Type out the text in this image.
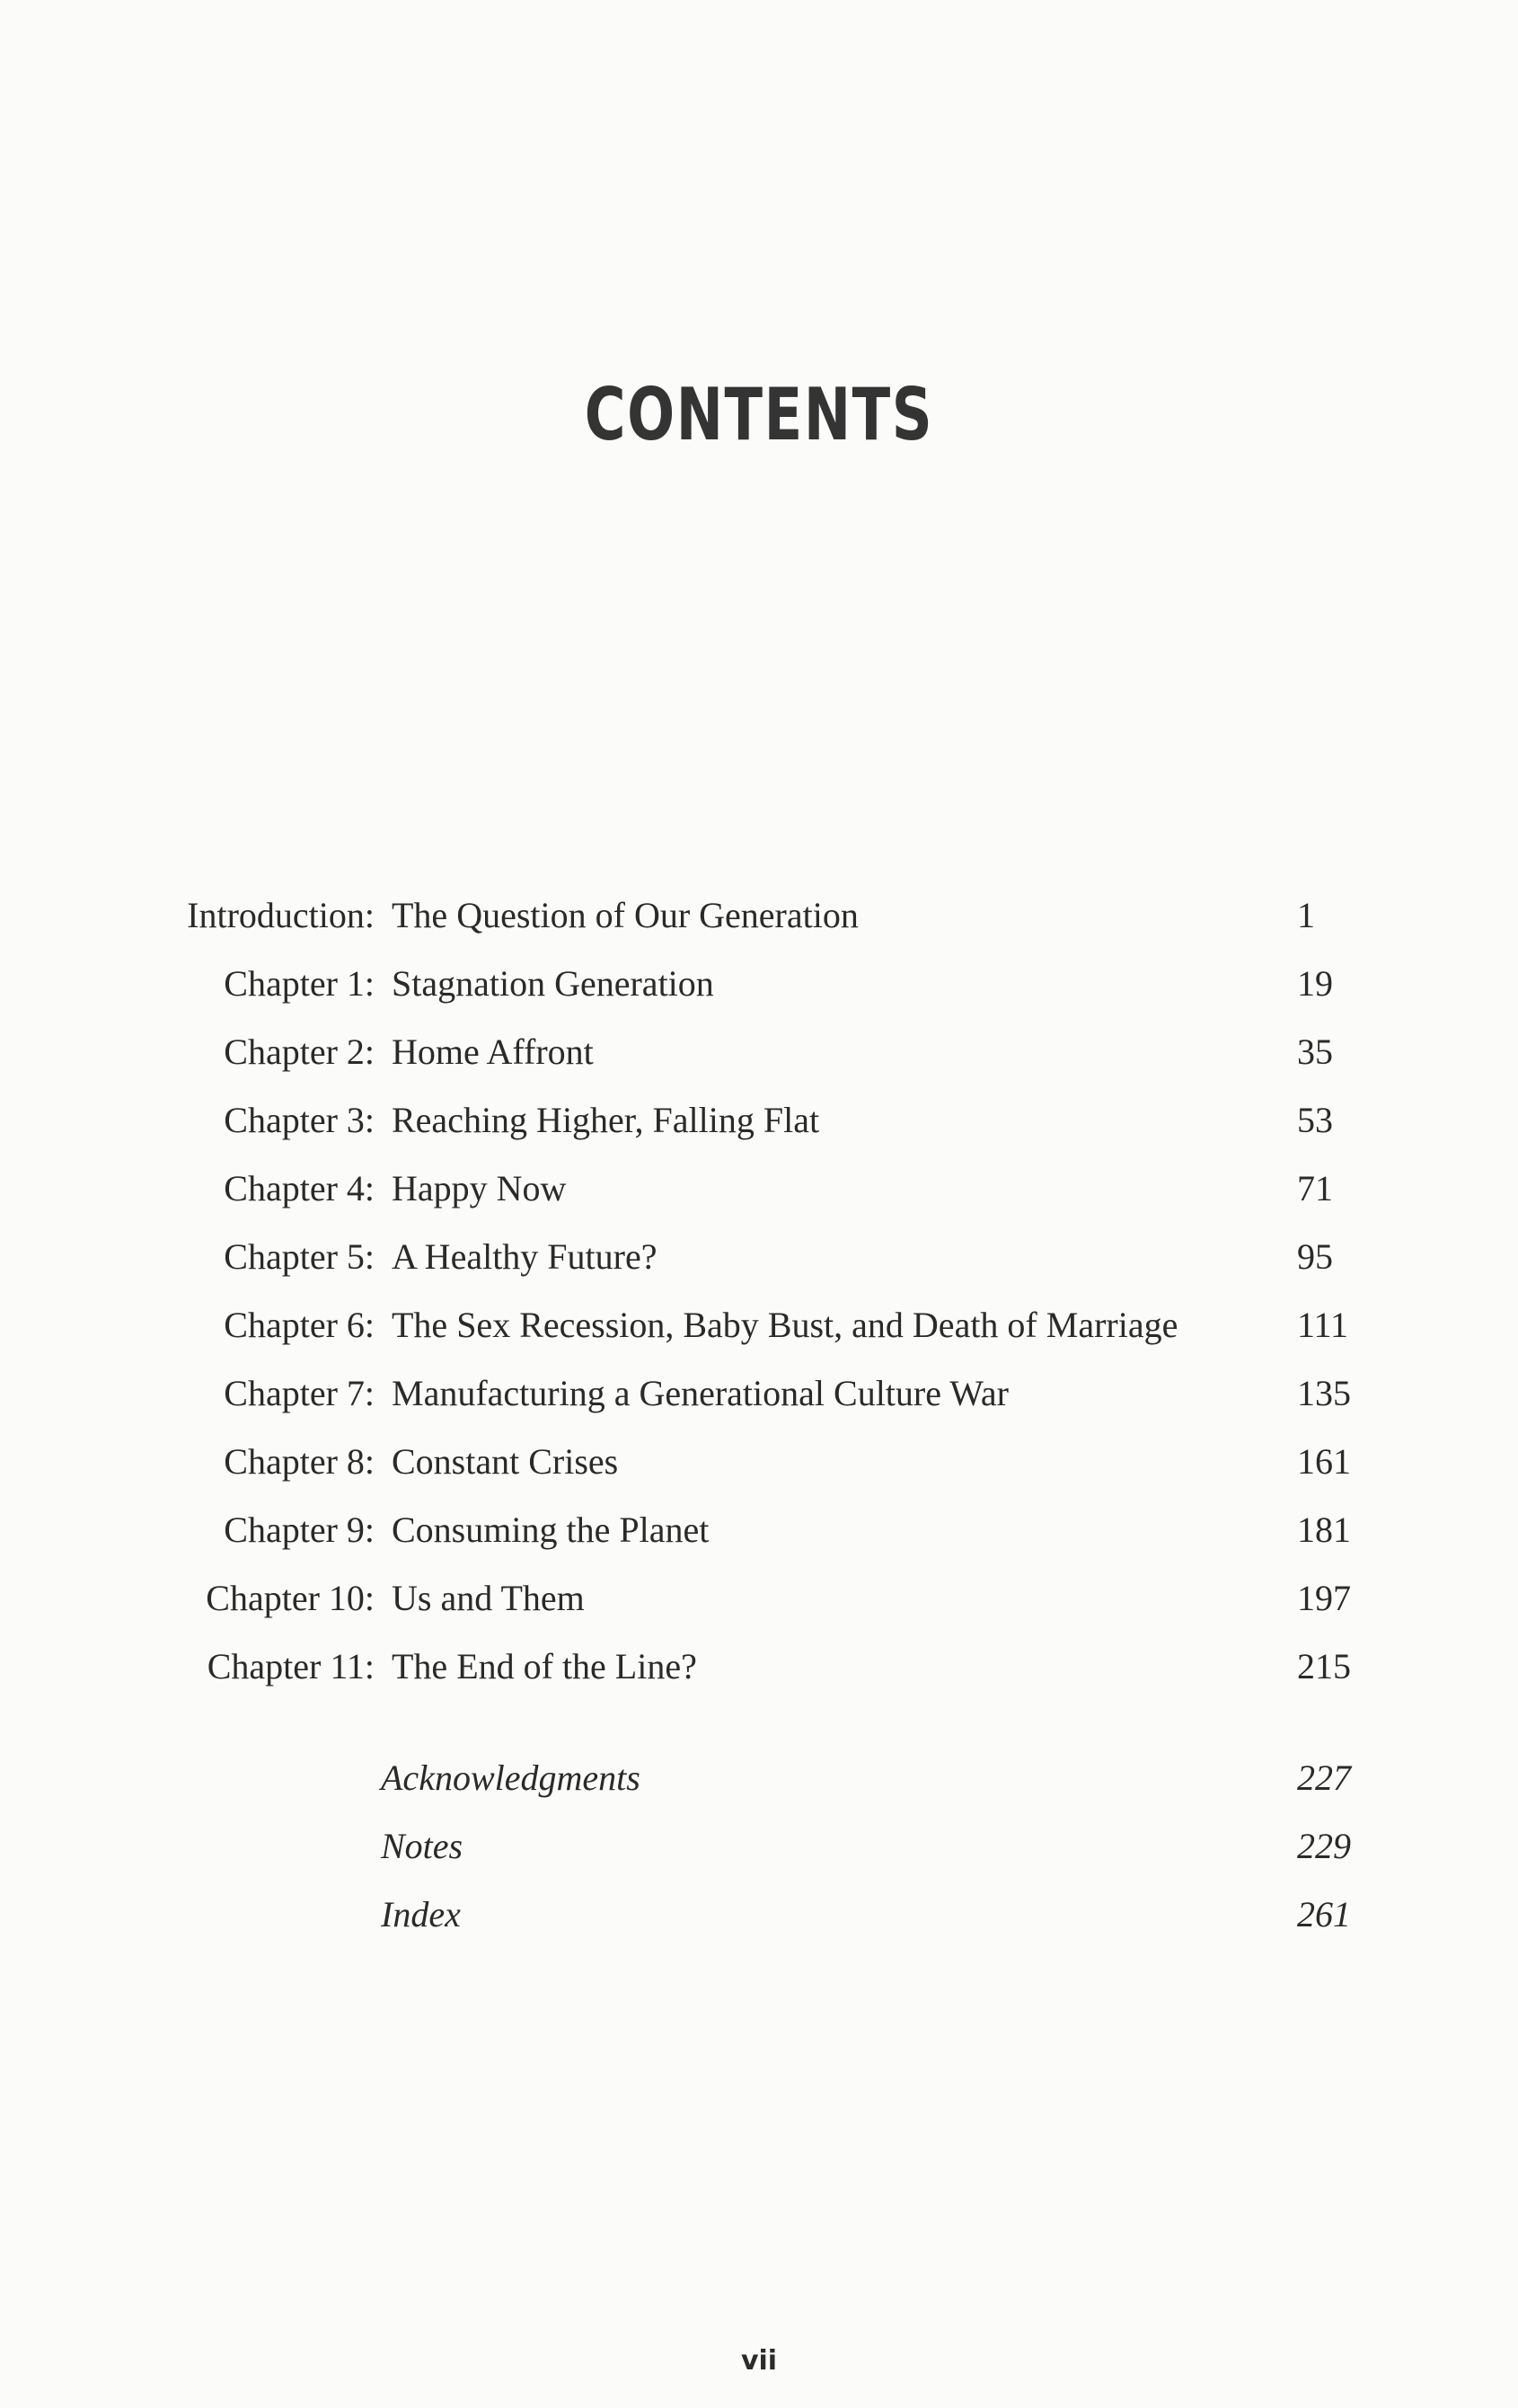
CONTENTS
Introduction: The Question of Our Generation	1
Chapter 1: Stagnation Generation	19
Chapter 2: Home Affront	35
Chapter 3: Reaching Higher, Falling Flat	53
Chapter 4: Happy Now	71
Chapter 5: A Healthy Future?	95
Chapter 6: The Sex Recession, Baby Bust, and Death of Marriage	111
Chapter 7: Manufacturing a Generational Culture War	135
Chapter 8: Constant Crises	161
Chapter 9: Consuming the Planet	181
Chapter 10: Us and Them	197
Chapter 11: The End of the Line?	215
Acknowledgments	227
Notes	229
Index	261
vii
